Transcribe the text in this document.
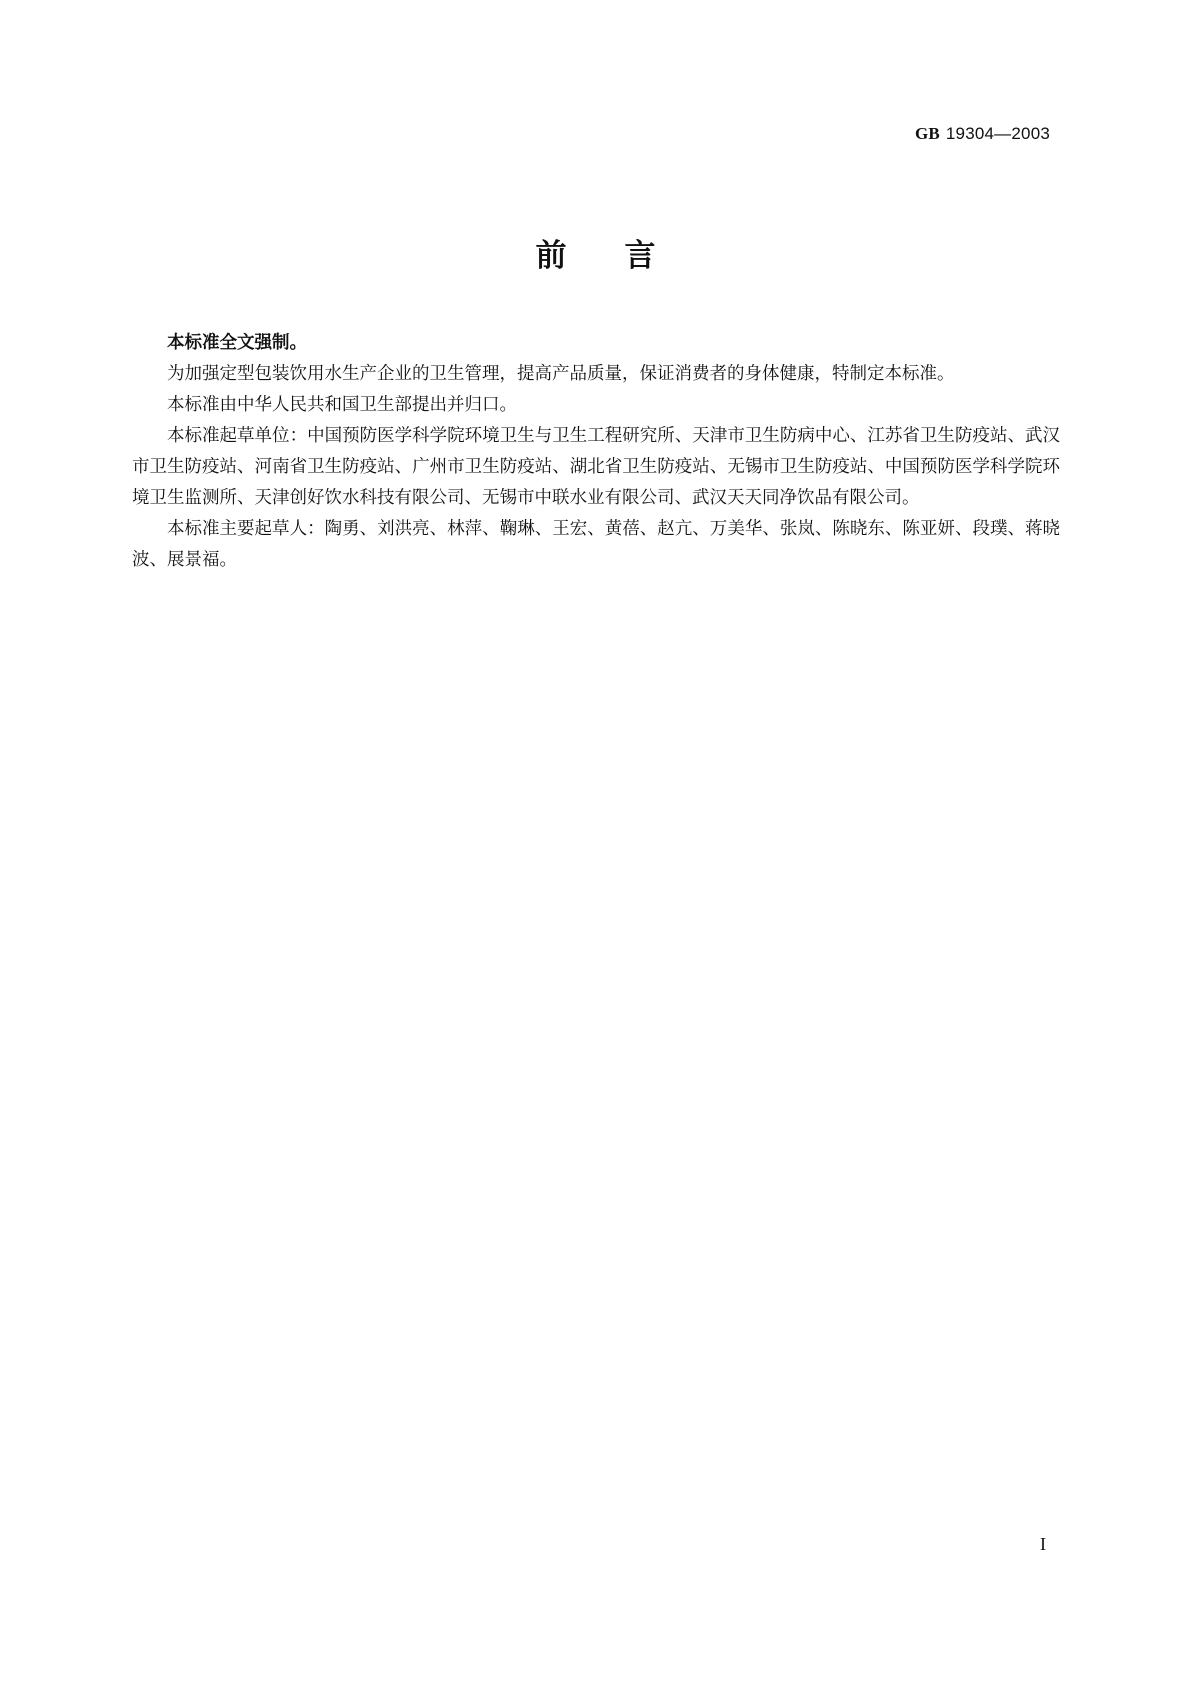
GB 19304—2003
前言

本标准全文强制。

为加强定型包装饮用水生产企业的卫生管理，提高产品质量，保证消费者的身体健康，特制定本标准。

本标准由中华人民共和国卫生部提出并归口。

本标准起草单位：中国预防医学科学院环境卫生与卫生工程研究所、天津市卫生防病中心、江苏省卫生防疫站、武汉市卫生防疫站、河南省卫生防疫站、广州市卫生防疫站、湖北省卫生防疫站、无锡市卫生防疫站、中国预防医学科学院环境卫生监测所、天津创好饮水科技有限公司、无锡市中联水业有限公司、武汉天天同净饮品有限公司。

本标准主要起草人：陶勇、刘洪亮、林萍、鞠琳、王宏、黄蓓、赵亢、万美华、张岚、陈晓东、陈亚妍、段璞、蒋晓波、展景福。

I
